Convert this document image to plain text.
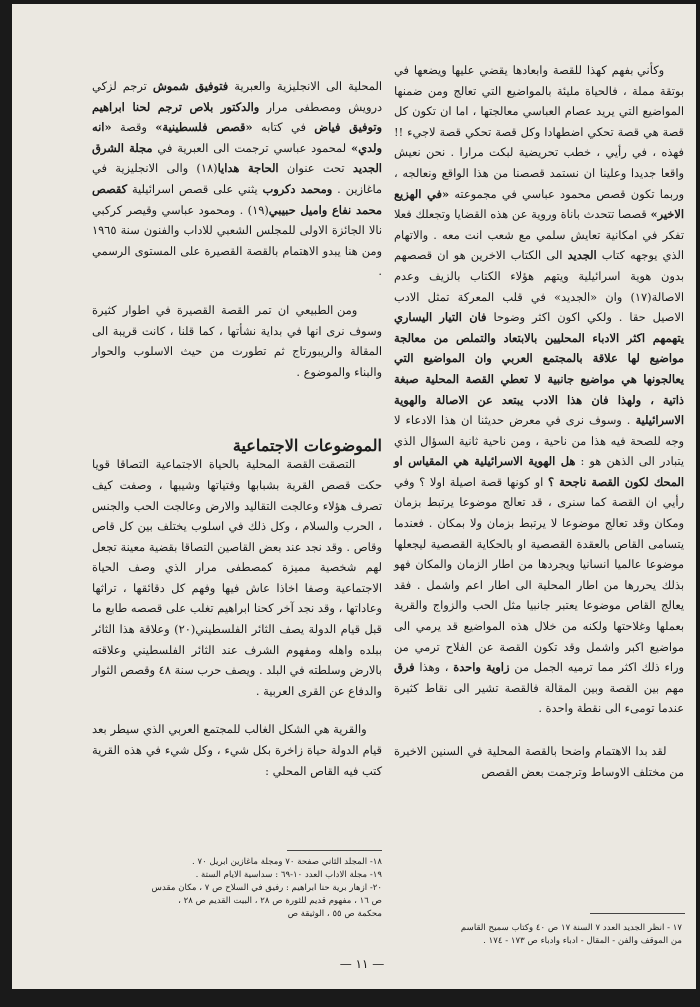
وكأني بفهم كهذا للقصة وابعادها يقضي عليها ويضعها في بوتقة مملة ، فالحياة مليئة بالمواضيع التي تعالج ومن ضمنها المواضيع التي يريد عصام العباسي معالجتها ، اما ان تكون كل قصة هي قصة تحكي اضطهادا وكل قصة تحكي قصة لاجيء !! فهذه ، في رأيي ، خطب تحريضية لبكت مرارا . نحن نعيش واقعا جديدا وعلينا ان نستمد قصصنا من هذا الواقع ونعالجه ، وربما تكون قصص محمود عباسي في مجموعته «في الهزيع الاخير» قصصا تتحدث باناة وروية عن هذه القضايا وتجعلك فعلا تفكر في امكانية تعايش سلمي مع شعب انت معه . والاتهام الذي يوجهه كتاب الجديد الى الكتاب الاخرين هو ان قصصهم بدون هوية اسرائيلية ويتهم هؤلاء الكتاب بالزيف وعدم الاصالة(١٧) وان «الجديد» في قلب المعركة تمثل الادب الاصيل حقا . ولكي اكون اكثر وضوحا فان التيار اليساري يتهمهم اكثر الادباء المحليين بالابتعاد والتملص من معالجة مواضيع لها علاقة بالمجتمع العربي وان المواضيع التي يعالجونها هي مواضيع جانبية لا تعطي القصة المحلية صبغة ذاتية ، ولهذا فان هذا الادب يبتعد عن الاصالة والهوية الاسرائيلية . وسوف نرى في معرض حديثنا ان هذا الادعاء لا وجه للصحة فيه هذا من ناحية ، ومن ناحية ثانية السؤال الذي يتبادر الى الذهن هو : هل الهوية الاسرائيلية هي المقياس او المحك لكون القصة ناجحة ؟ او كونها قصة اصيلة اولا ؟ وفي رأيي ان القصة كما سنرى ، قد تعالج موضوعا يرتبط بزمان ومكان وقد تعالج موضوعا لا يرتبط بزمان ولا بمكان . فعندما يتسامى القاص بالعقدة القصصية او بالحكاية القصصية ليجعلها موضوعا عالميا انسانيا ويجردها من اطار الزمان والمكان فهو بذلك يحررها من اطار المحلية الى اطار اعم واشمل . فقد يعالج القاص موضوعا يعتبر جانبيا مثل الحب والزواج والقرية بعملها وغلاحتها ولكنه من خلال هذه المواضيع قد يرمي الى مواضيع اكبر واشمل وقد تكون القصة عن الفلاح ترمي من وراء ذلك اكثر مما ترميه الجمل من زاوية واحدة ، وهذا فرق مهم بين القصة وبين المقالة فالقصة تشير الى نقاط كثيرة عندما تومىء الى نقطة واحدة .

لقد بدا الاهتمام واضحا بالقصة المحلية في السنين الاخيرة من مختلف الاوساط وترجمت بعض القصص

المحلية الى الانجليزية والعبرية فتوفيق شموش ترجم لزكي درويش ومصطفى مرار والدكتور بلاص ترجم لحنا ابراهيم وتوفيق فياض في كتابه «قصص فلسطينية» وقصة «انه ولدي» لمحمود عباسي ترجمت الى العبرية في مجلة الشرق الجديد تحت عنوان الحاجة هدايا(١٨) والى الانجليزية في ماغازين . ومحمد دكروب يثني على قصص اسرائيلية كقصص محمد نفاع واميل حبيبي(١٩) . ومحمود عباسي وقيصر كركبي نالا الجائزة الاولى للمجلس الشعبي للاداب والفنون سنة ١٩٦٥ ومن هنا يبدو الاهتمام بالقصة القصيرة على المستوى الرسمي .

ومن الطبيعي ان تمر القصة القصيرة في اطوار كثيرة وسوف نرى انها في بداية نشأتها ، كما قلنا ، كانت قريبة الى المقالة والريبورتاج ثم تطورت من حيث الاسلوب والحوار والبناء والموضوع .

التصقت القصة المحلية بالحياة الاجتماعية التصاقا قويا حكت قصص القرية بشبابها وفتياتها وشيبها ، وصفت كيف تصرف هؤلاء وعالجت التقاليد والارض وعالجت الحب والجنس ، الحرب والسلام ، وكل ذلك في اسلوب يختلف بين كل قاص وقاص . وقد نجد عند بعض القاصين التصاقا بقضية معينة تجعل لهم شخصية مميزة كمصطفى مرار الذي وصف الحياة الاجتماعية وصفا اخاذا عاش فيها وفهم كل دقائقها ، تراثها وعاداتها ، وقد نجد آخر كحنا ابراهيم تغلب على قصصه طابع ما قبل قيام الدولة يصف الثائر الفلسطيني(٢٠) وعلاقة هذا الثائر ببلده واهله ومفهوم الشرف عند الثائر الفلسطيني وعلاقته بالارض وسلطته في البلد . ويصف حرب سنة ٤٨ وقصص الثوار والدفاع عن القرى العربية .

والقرية هي الشكل الغالب للمجتمع العربي الذي سيطر بعد قيام الدولة حياة زاخرة بكل شيء ، وكل شيء في هذه القرية كتب فيه القاص المحلي :

الموضوعات الاجتماعية
١٨- المجلد الثاني صفحة ٧٠ ومجلة ماغازين ابريل ٧٠ .
١٩- مجلة الاداب العدد ١٠-٦٩ : سداسية الايام الستة .
٢٠- ازهار برية حنا ابراهيم : رفيق في السلاح ص ٧ ، مكان مقدس
ص ١٦ ، مفهوم قديم للثورة ص ٢٨ ، البيت القديم ص ٢٨ ،
محكمة ص ٥٥ ، الوثيقة ص
١٧ - انظر الجديد العدد ٧ السنة ١٧ ص ٤٠ وكتاب سميح القاسم
من الموقف والفن - المقال - ادباء وادباء ص ١٧٣ - ١٧٤ .
— ١١ —
